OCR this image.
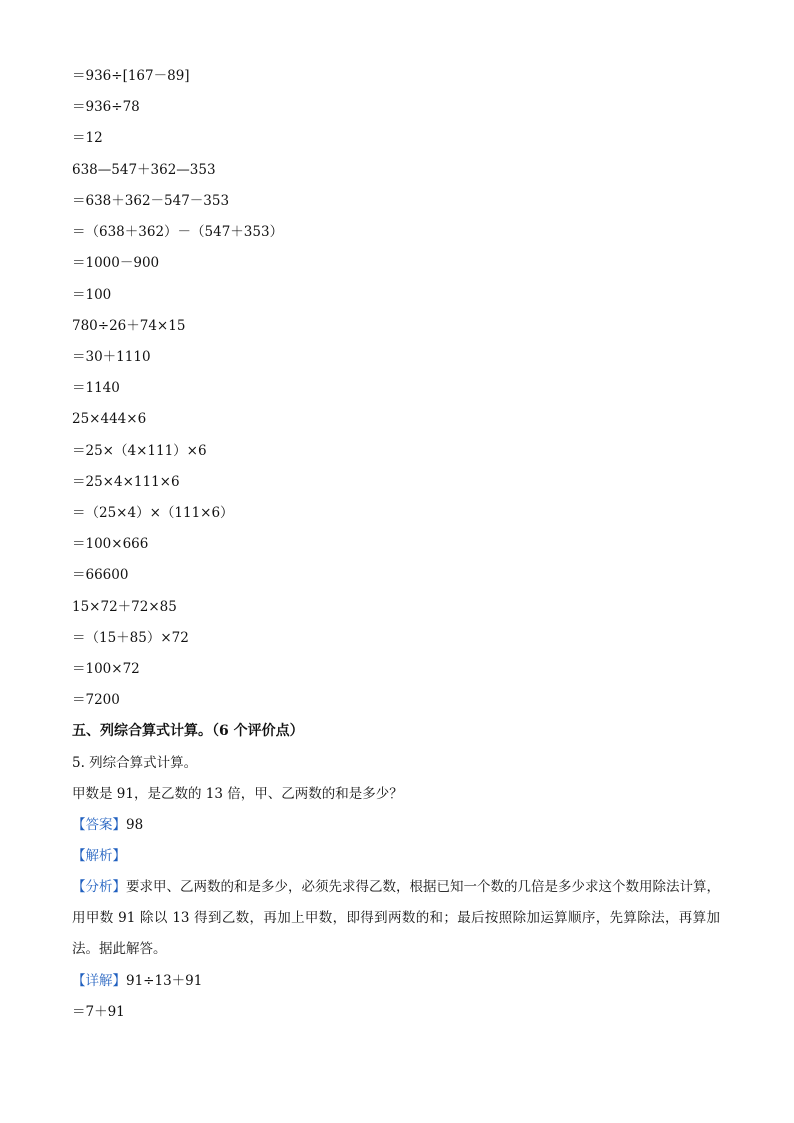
＝936÷[167－89]
＝936÷78
＝12
638—547＋362—353
＝638＋362－547－353
＝（638＋362）－（547＋353）
＝1000－900
＝100
780÷26＋74×15
＝30＋1110
＝1140
25×444×6
＝25×（4×111）×6
＝25×4×111×6
＝（25×4）×（111×6）
＝100×666
＝66600
15×72＋72×85
＝（15＋85）×72
＝100×72
＝7200
五、列综合算式计算。（6 个评价点）
5. 列综合算式计算。
甲数是 91，是乙数的 13 倍，甲、乙两数的和是多少？
【答案】98
【解析】
【分析】要求甲、乙两数的和是多少，必须先求得乙数，根据已知一个数的几倍是多少求这个数用除法计算，用甲数 91 除以 13 得到乙数，再加上甲数，即得到两数的和；最后按照除加运算顺序，先算除法，再算加法。据此解答。
【详解】91÷13＋91
＝7＋91
